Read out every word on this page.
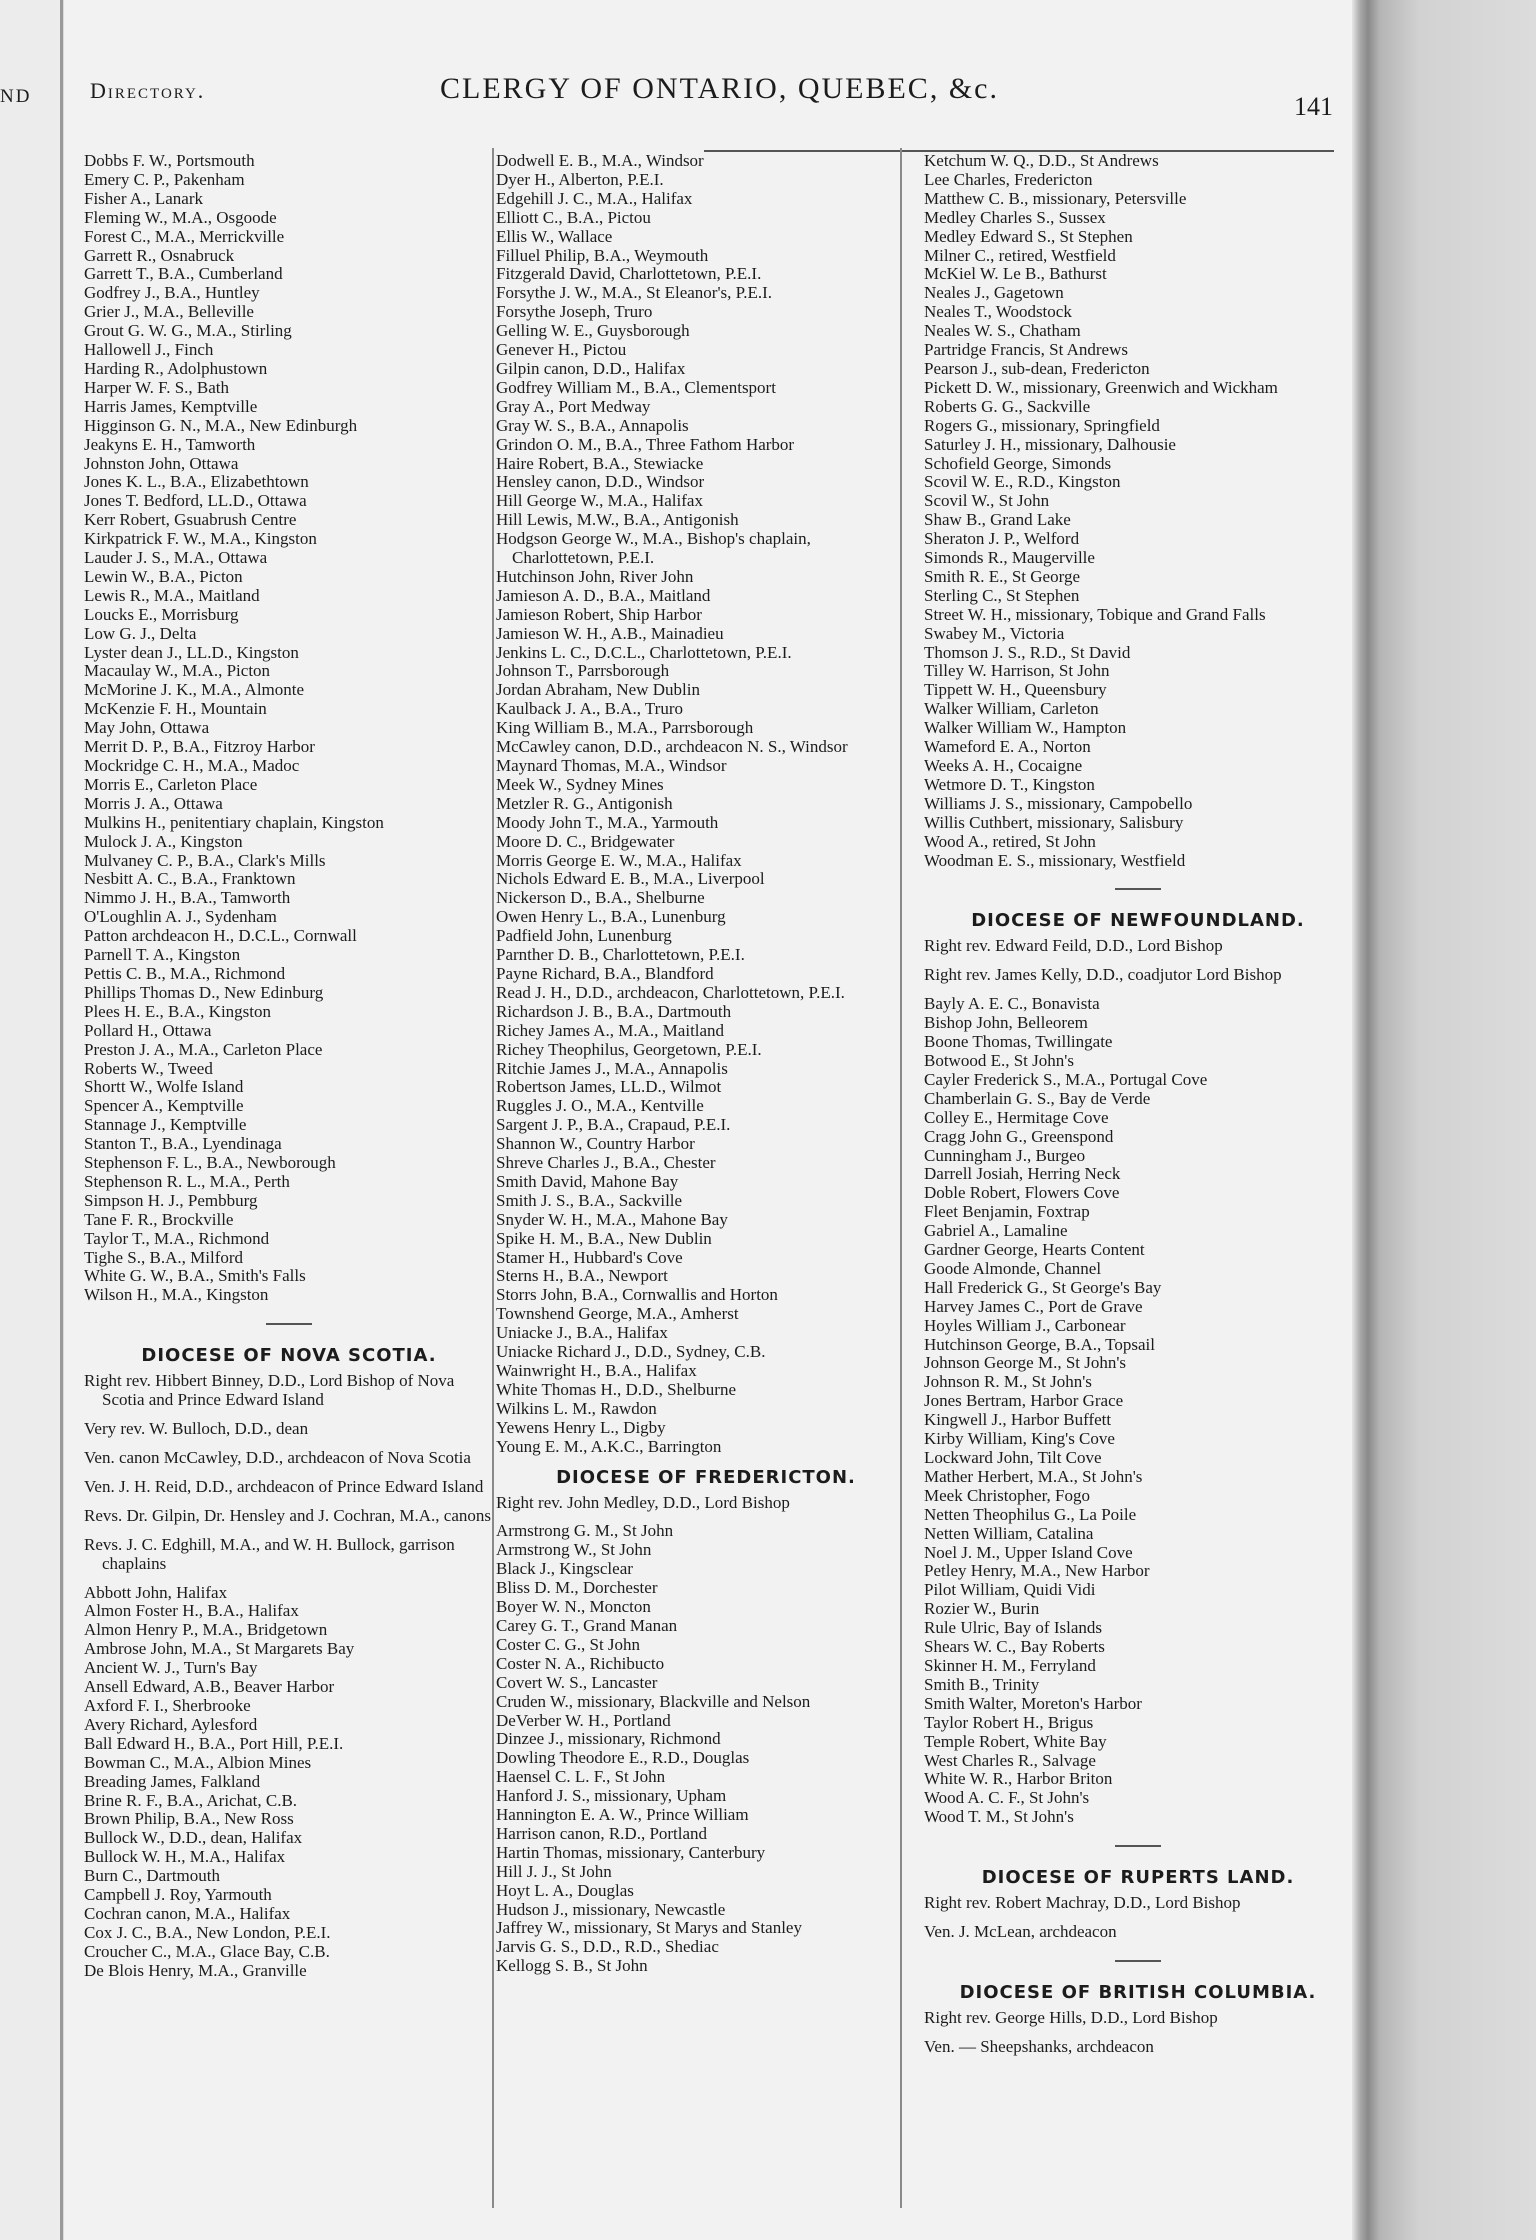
ND	Directory.	CLERGY OF ONTARIO, QUEBEC, &c.
141
Dobbs F. W., Portsmouth
Emery C. P., Pakenham
Fisher A., Lanark
Fleming W., M.A., Osgoode
Forest C., M.A., Merrickville
Garrett R., Osnabruck
Garrett T., B.A., Cumberland
Godfrey J., B.A., Huntley
Grier J., M.A., Belleville
Grout G. W. G., M.A., Stirling
Hallowell J., Finch
Harding R., Adolphustown
Harper W. F. S., Bath
Harris James, Kemptville
Higginson G. N., M.A., New Edinburgh
Jeakyns E. H., Tamworth
Johnston John, Ottawa
Jones K. L., B.A., Elizabethtown
Jones T. Bedford, LL.D., Ottawa
Kerr Robert, Gsuabrush Centre
Kirkpatrick F. W., M.A., Kingston
Lauder J. S., M.A., Ottawa
Lewin W., B.A., Picton
Lewis R., M.A., Maitland
Loucks E., Morrisburg
Low G. J., Delta
Lyster dean J., LL.D., Kingston
Macaulay W., M.A., Picton
McMorine J. K., M.A., Almonte
McKenzie F. H., Mountain
May John, Ottawa
Merrit D. P., B.A., Fitzroy Harbor
Mockridge C. H., M.A., Madoc
Morris E., Carleton Place
Morris J. A., Ottawa
Mulkins H., penitentiary chaplain, Kingston
Mulock J. A., Kingston
Mulvaney C. P., B.A., Clark's Mills
Nesbitt A. C., B.A., Franktown
Nimmo J. H., B.A., Tamworth
O'Loughlin A. J., Sydenham
Patton archdeacon H., D.C.L., Cornwall
Parnell T. A., Kingston
Pettis C. B., M.A., Richmond
Phillips Thomas D., New Edinburg
Plees H. E., B.A., Kingston
Pollard H., Ottawa
Preston J. A., M.A., Carleton Place
Roberts W., Tweed
Shortt W., Wolfe Island
Spencer A., Kemptville
Stannage J., Kemptville
Stanton T., B.A., Lyendinaga
Stephenson F. L., B.A., Newborough
Stephenson R. L., M.A., Perth
Simpson H. J., Pembburg
Tane F. R., Brockville
Taylor T., M.A., Richmond
Tighe S., B.A., Milford
White G. W., B.A., Smith's Falls
Wilson H., M.A., Kingston
DIOCESE OF NOVA SCOTIA.
Right rev. Hibbert Binney, D.D., Lord Bishop of Nova Scotia and Prince Edward Island
Very rev. W. Bulloch, D.D., dean
Ven. canon McCawley, D.D., archdeacon of Nova Scotia
Ven. J. H. Reid, D.D., archdeacon of Prince Edward Island
Revs. Dr. Gilpin, Dr. Hensley and J. Cochran, M.A., canons
Revs. J. C. Edghill, M.A., and W. H. Bullock, garrison chaplains
Abbott John, Halifax
Almon Foster H., B.A., Halifax
Almon Henry P., M.A., Bridgetown
Ambrose John, M.A., St Margarets Bay
Ancient W. J., Turn's Bay
Ansell Edward, A.B., Beaver Harbor
Axford F. I., Sherbrooke
Avery Richard, Aylesford
Ball Edward H., B.A., Port Hill, P.E.I.
Bowman C., M.A., Albion Mines
Breading James, Falkland
Brine R. F., B.A., Arichat, C.B.
Brown Philip, B.A., New Ross
Bullock W., D.D., dean, Halifax
Bullock W. H., M.A., Halifax
Burn C., Dartmouth
Campbell J. Roy, Yarmouth
Cochran canon, M.A., Halifax
Cox J. C., B.A., New London, P.E.I.
Croucher C., M.A., Glace Bay, C.B.
De Blois Henry, M.A., Granville
Dodwell E. B., M.A., Windsor
Dyer H., Alberton, P.E.I.
Edgehill J. C., M.A., Halifax
Elliott C., B.A., Pictou
Ellis W., Wallace
Filluel Philip, B.A., Weymouth
Fitzgerald David, Charlottetown, P.E.I.
Forsythe J. W., M.A., St Eleanor's, P.E.I.
Forsythe Joseph, Truro
Gelling W. E., Guysborough
Genever H., Pictou
Gilpin canon, D.D., Halifax
Godfrey William M., B.A., Clementsport
Gray A., Port Medway
Gray W. S., B.A., Annapolis
Grindon O. M., B.A., Three Fathom Harbor
Haire Robert, B.A., Stewiacke
Hensley canon, D.D., Windsor
Hill George W., M.A., Halifax
Hill Lewis, M.W., B.A., Antigonish
Hodgson George W., M.A., Bishop's chaplain, Charlottetown, P.E.I.
Hutchinson John, River John
Jamieson A. D., B.A., Maitland
Jamieson Robert, Ship Harbor
Jamieson W. H., A.B., Mainadieu
Jenkins L. C., D.C.L., Charlottetown, P.E.I.
Johnson T., Parrsborough
Jordan Abraham, New Dublin
Kaulback J. A., B.A., Truro
King William B., M.A., Parrsborough
McCawley canon, D.D., archdeacon N. S., Windsor
Maynard Thomas, M.A., Windsor
Meek W., Sydney Mines
Metzler R. G., Antigonish
Moody John T., M.A., Yarmouth
Moore D. C., Bridgewater
Morris George E. W., M.A., Halifax
Nichols Edward E. B., M.A., Liverpool
Nickerson D., B.A., Shelburne
Owen Henry L., B.A., Lunenburg
Padfield John, Lunenburg
Parnther D. B., Charlottetown, P.E.I.
Payne Richard, B.A., Blandford
Read J. H., D.D., archdeacon, Charlottetown, P.E.I.
Richardson J. B., B.A., Dartmouth
Richey James A., M.A., Maitland
Richey Theophilus, Georgetown, P.E.I.
Ritchie James J., M.A., Annapolis
Robertson James, LL.D., Wilmot
Ruggles J. O., M.A., Kentville
Sargent J. P., B.A., Crapaud, P.E.I.
Shannon W., Country Harbor
Shreve Charles J., B.A., Chester
Smith David, Mahone Bay
Smith J. S., B.A., Sackville
Snyder W. H., M.A., Mahone Bay
Spike H. M., B.A., New Dublin
Stamer H., Hubbard's Cove
Sterns H., B.A., Newport
Storrs John, B.A., Cornwallis and Horton
Townshend George, M.A., Amherst
Uniacke J., B.A., Halifax
Uniacke Richard J., D.D., Sydney, C.B.
Wainwright H., B.A., Halifax
White Thomas H., D.D., Shelburne
Wilkins L. M., Rawdon
Yewens Henry L., Digby
Young E. M., A.K.C., Barrington
DIOCESE OF FREDERICTON.
Right rev. John Medley, D.D., Lord Bishop
Armstrong G. M., St John
Armstrong W., St John
Black J., Kingsclear
Bliss D. M., Dorchester
Boyer W. N., Moncton
Carey G. T., Grand Manan
Coster C. G., St John
Coster N. A., Richibucto
Covert W. S., Lancaster
Cruden W., missionary, Blackville and Nelson
DeVerber W. H., Portland
Dinzee J., missionary, Richmond
Dowling Theodore E., R.D., Douglas
Haensel C. L. F., St John
Hanford J. S., missionary, Upham
Hannington E. A. W., Prince William
Harrison canon, R.D., Portland
Hartin Thomas, missionary, Canterbury
Hill J. J., St John
Hoyt L. A., Douglas
Hudson J., missionary, Newcastle
Jaffrey W., missionary, St Marys and Stanley
Jarvis G. S., D.D., R.D., Shediac
Kellogg S. B., St John
Ketchum W. Q., D.D., St Andrews
Lee Charles, Fredericton
Matthew C. B., missionary, Petersville
Medley Charles S., Sussex
Medley Edward S., St Stephen
Milner C., retired, Westfield
McKiel W. Le B., Bathurst
Neales J., Gagetown
Neales T., Woodstock
Neales W. S., Chatham
Partridge Francis, St Andrews
Pearson J., sub-dean, Fredericton
Pickett D. W., missionary, Greenwich and Wickham
Roberts G. G., Sackville
Rogers G., missionary, Springfield
Saturley J. H., missionary, Dalhousie
Schofield George, Simonds
Scovil W. E., R.D., Kingston
Scovil W., St John
Shaw B., Grand Lake
Sheraton J. P., Welford
Simonds R., Maugerville
Smith R. E., St George
Sterling C., St Stephen
Street W. H., missionary, Tobique and Grand Falls
Swabey M., Victoria
Thomson J. S., R.D., St David
Tilley W. Harrison, St John
Tippett W. H., Queensbury
Walker William, Carleton
Walker William W., Hampton
Wameford E. A., Norton
Weeks A. H., Cocaigne
Wetmore D. T., Kingston
Williams J. S., missionary, Campobello
Willis Cuthbert, missionary, Salisbury
Wood A., retired, St John
Woodman E. S., missionary, Westfield
DIOCESE OF NEWFOUNDLAND.
Right rev. Edward Feild, D.D., Lord Bishop
Right rev. James Kelly, D.D., coadjutor Lord Bishop
Bayly A. E. C., Bonavista
Bishop John, Belleorem
Boone Thomas, Twillingate
Botwood E., St John's
Cayler Frederick S., M.A., Portugal Cove
Chamberlain G. S., Bay de Verde
Colley E., Hermitage Cove
Cragg John G., Greenspond
Cunningham J., Burgeo
Darrell Josiah, Herring Neck
Doble Robert, Flowers Cove
Fleet Benjamin, Foxtrap
Gabriel A., Lamaline
Gardner George, Hearts Content
Goode Almonde, Channel
Hall Frederick G., St George's Bay
Harvey James C., Port de Grave
Hoyles William J., Carbonear
Hutchinson George, B.A., Topsail
Johnson George M., St John's
Johnson R. M., St John's
Jones Bertram, Harbor Grace
Kingwell J., Harbor Buffett
Kirby William, King's Cove
Lockward John, Tilt Cove
Mather Herbert, M.A., St John's
Meek Christopher, Fogo
Netten Theophilus G., La Poile
Netten William, Catalina
Noel J. M., Upper Island Cove
Petley Henry, M.A., New Harbor
Pilot William, Quidi Vidi
Rozier W., Burin
Rule Ulric, Bay of Islands
Shears W. C., Bay Roberts
Skinner H. M., Ferryland
Smith B., Trinity
Smith Walter, Moreton's Harbor
Taylor Robert H., Brigus
Temple Robert, White Bay
West Charles R., Salvage
White W. R., Harbor Briton
Wood A. C. F., St John's
Wood T. M., St John's
DIOCESE OF RUPERTS LAND.
Right rev. Robert Machray, D.D., Lord Bishop
Ven. J. McLean, archdeacon
DIOCESE OF BRITISH COLUMBIA.
Right rev. George Hills, D.D., Lord Bishop
Ven. — Sheepshanks, archdeacon
